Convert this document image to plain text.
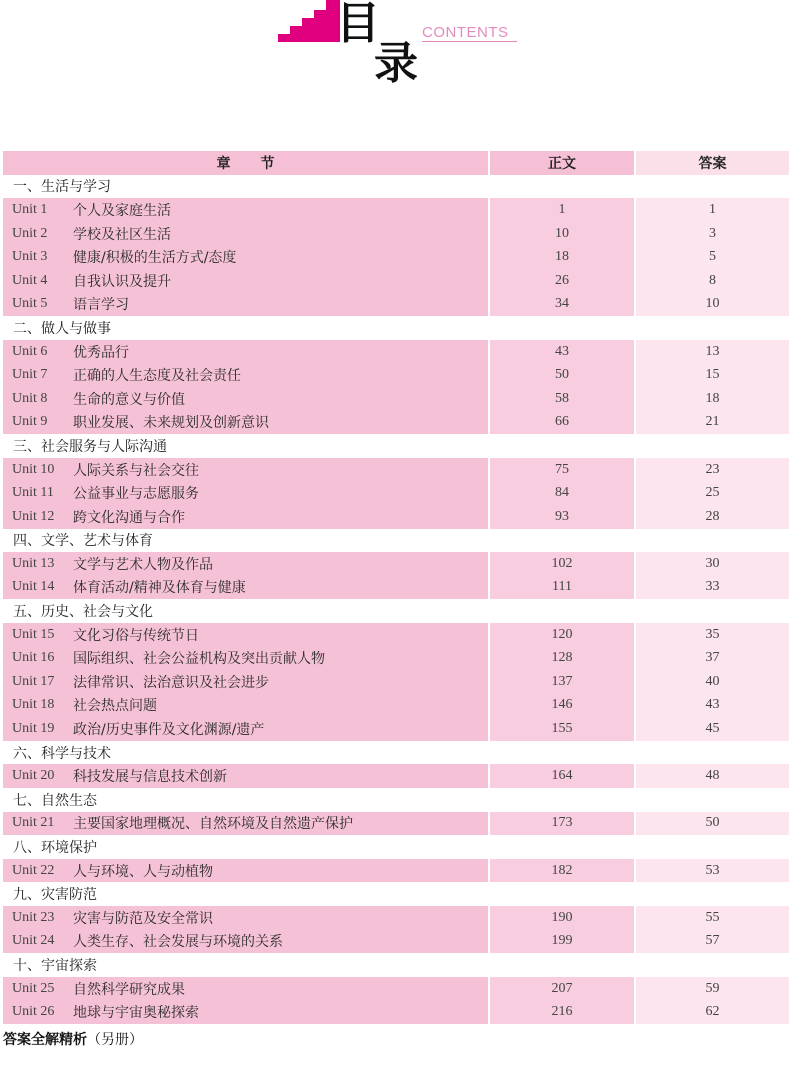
目
录
CONTENTS
章节	正文	答案
一、生活与学习
Unit 1	个人及家庭生活	1	1
Unit 2	学校及社区生活	10	3
Unit 3	健康/积极的生活方式/态度	18	5
Unit 4	自我认识及提升	26	8
Unit 5	语言学习	34	10
二、做人与做事
Unit 6	优秀品行	43	13
Unit 7	正确的人生态度及社会责任	50	15
Unit 8	生命的意义与价值	58	18
Unit 9	职业发展、未来规划及创新意识	66	21
三、社会服务与人际沟通
Unit 10	人际关系与社会交往	75	23
Unit 11	公益事业与志愿服务	84	25
Unit 12	跨文化沟通与合作	93	28
四、文学、艺术与体育
Unit 13	文学与艺术人物及作品	102	30
Unit 14	体育活动/精神及体育与健康	111	33
五、历史、社会与文化
Unit 15	文化习俗与传统节日	120	35
Unit 16	国际组织、社会公益机构及突出贡献人物	128	37
Unit 17	法律常识、法治意识及社会进步	137	40
Unit 18	社会热点问题	146	43
Unit 19	政治/历史事件及文化渊源/遗产	155	45
六、科学与技术
Unit 20	科技发展与信息技术创新	164	48
七、自然生态
Unit 21	主要国家地理概况、自然环境及自然遗产保护	173	50
八、环境保护
Unit 22	人与环境、人与动植物	182	53
九、灾害防范
Unit 23	灾害与防范及安全常识	190	55
Unit 24	人类生存、社会发展与环境的关系	199	57
十、宇宙探索
Unit 25	自然科学研究成果	207	59
Unit 26	地球与宇宙奥秘探索	216	62
答案全解精析（另册）
